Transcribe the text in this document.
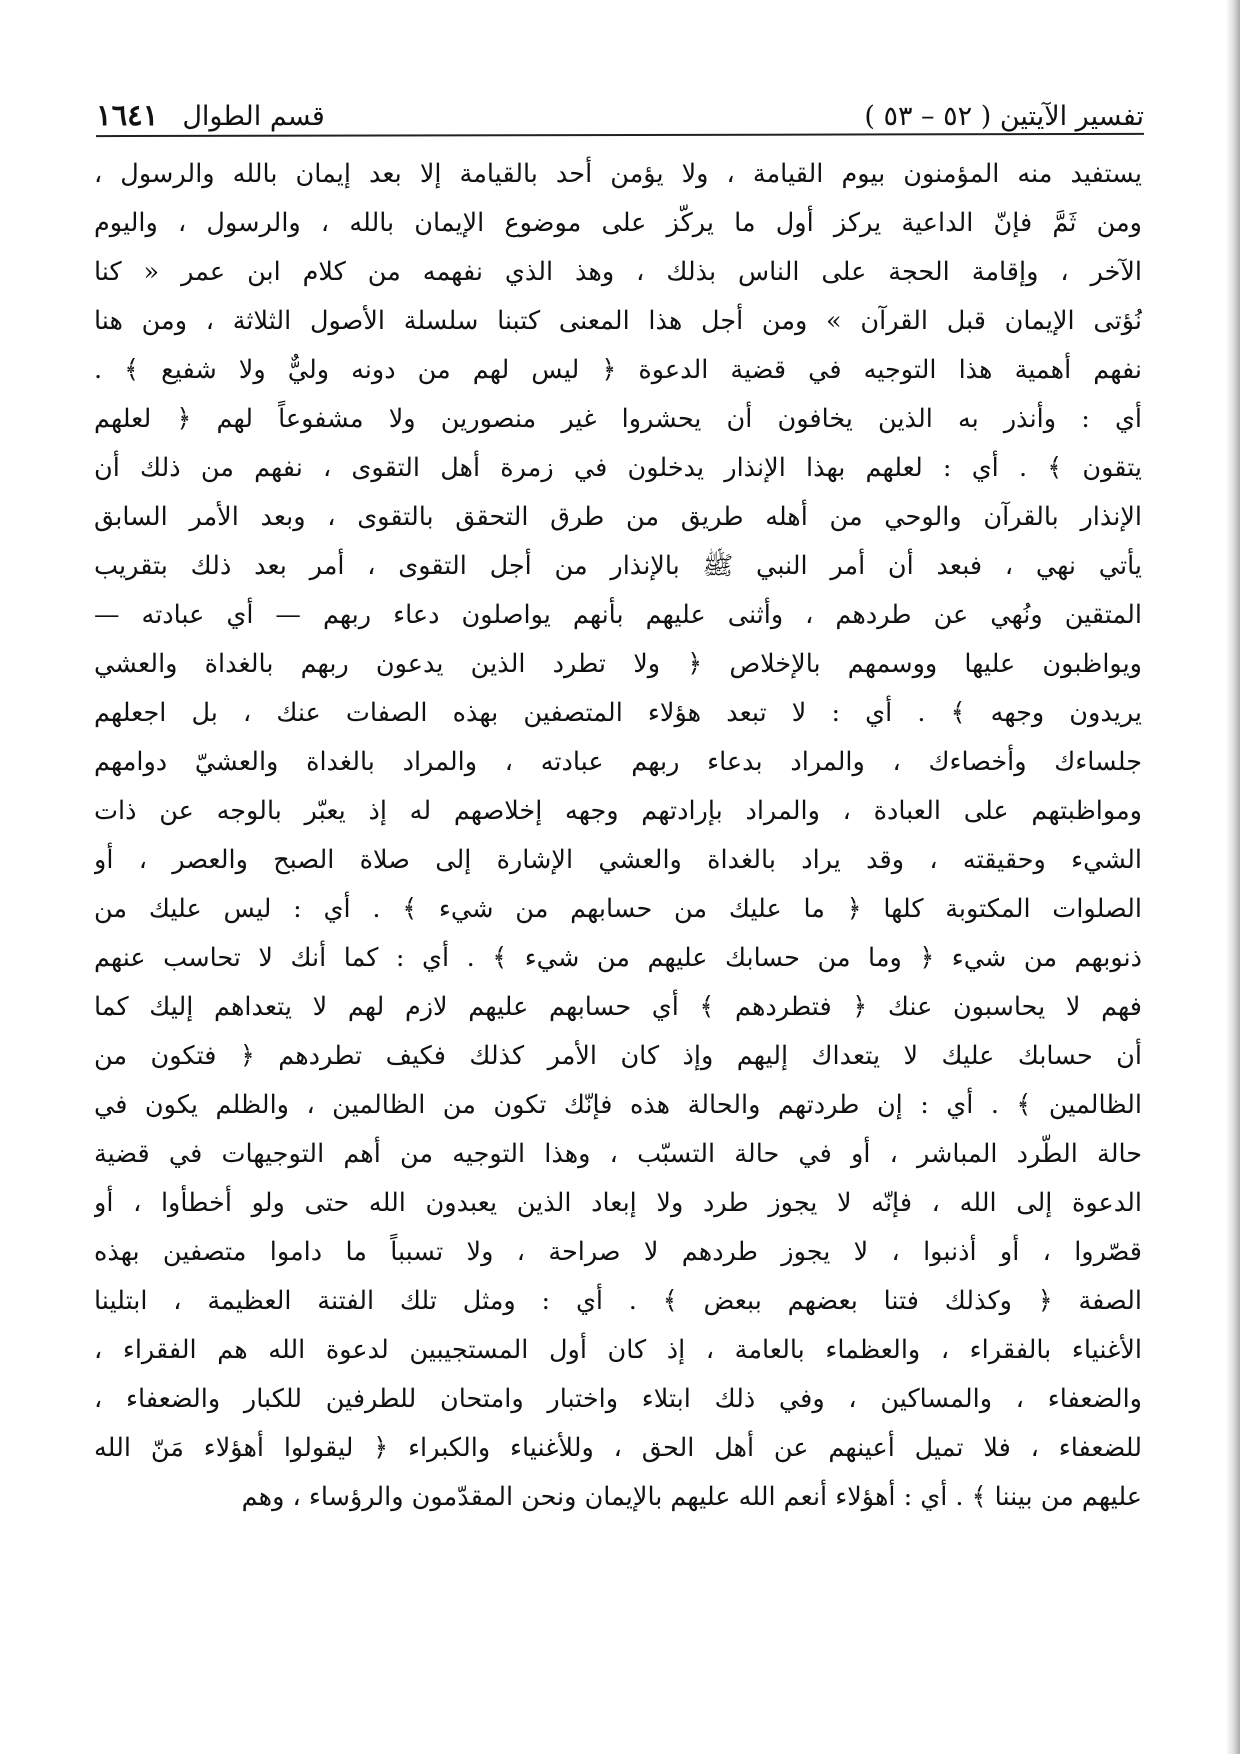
تفسير الآيتين ( ٥٢ – ٥٣ )
قسم الطوال
١٦٤١
يستفيد منه المؤمنون بيوم القيامة ، ولا يؤمن أحد بالقيامة إلا بعد إيمان بالله والرسول ،
ومن ثَمَّ فإنّ الداعية يركز أول ما يركّز على موضوع الإيمان بالله ، والرسول ، واليوم
الآخر ، وإقامة الحجة على الناس بذلك ، وهذ الذي نفهمه من كلام ابن عمر « كنا
نُؤتى الإيمان قبل القرآن » ومن أجل هذا المعنى كتبنا سلسلة الأصول الثلاثة ، ومن هنا
نفهم أهمية هذا التوجيه في قضية الدعوة ﴿ ليس لهم من دونه وليٌّ ولا شفيع ﴾ .
أي : وأنذر به الذين يخافون أن يحشروا غير منصورين ولا مشفوعاً لهم ﴿ لعلهم
يتقون ﴾ . أي : لعلهم بهذا الإنذار يدخلون في زمرة أهل التقوى ، نفهم من ذلك أن
الإنذار بالقرآن والوحي من أهله طريق من طرق التحقق بالتقوى ، وبعد الأمر السابق
يأتي نهي ، فبعد أن أمر النبي ﷺ بالإنذار من أجل التقوى ، أمر بعد ذلك بتقريب
المتقين ونُهي عن طردهم ، وأثنى عليهم بأنهم يواصلون دعاء ربهم — أي عبادته —
ويواظبون عليها ووسمهم بالإخلاص ﴿ ولا تطرد الذين يدعون ربهم بالغداة والعشي
يريدون وجهه ﴾ . أي : لا تبعد هؤلاء المتصفين بهذه الصفات عنك ، بل اجعلهم
جلساءك وأخصاءك ، والمراد بدعاء ربهم عبادته ، والمراد بالغداة والعشيّ دوامهم
ومواظبتهم على العبادة ، والمراد بإرادتهم وجهه إخلاصهم له إذ يعبّر بالوجه عن ذات
الشيء وحقيقته ، وقد يراد بالغداة والعشي الإشارة إلى صلاة الصبح والعصر ، أو
الصلوات المكتوبة كلها ﴿ ما عليك من حسابهم من شيء ﴾ . أي : ليس عليك من
ذنوبهم من شيء ﴿ وما من حسابك عليهم من شيء ﴾ . أي : كما أنك لا تحاسب عنهم
فهم لا يحاسبون عنك ﴿ فتطردهم ﴾ أي حسابهم عليهم لازم لهم لا يتعداهم إليك كما
أن حسابك عليك لا يتعداك إليهم وإذ كان الأمر كذلك فكيف تطردهم ﴿ فتكون من
الظالمين ﴾ . أي : إن طردتهم والحالة هذه فإنّك تكون من الظالمين ، والظلم يكون في
حالة الطّرد المباشر ، أو في حالة التسبّب ، وهذا التوجيه من أهم التوجيهات في قضية
الدعوة إلى الله ، فإنّه لا يجوز طرد ولا إبعاد الذين يعبدون الله حتى ولو أخطأوا ، أو
قصّروا ، أو أذنبوا ، لا يجوز طردهم لا صراحة ، ولا تسبباً ما داموا متصفين بهذه
الصفة ﴿ وكذلك فتنا بعضهم ببعض ﴾ . أي : ومثل تلك الفتنة العظيمة ، ابتلينا
الأغنياء بالفقراء ، والعظماء بالعامة ، إذ كان أول المستجيبين لدعوة الله هم الفقراء ،
والضعفاء ، والمساكين ، وفي ذلك ابتلاء واختبار وامتحان للطرفين للكبار والضعفاء ،
للضعفاء ، فلا تميل أعينهم عن أهل الحق ، وللأغنياء والكبراء ﴿ ليقولوا أهؤلاء مَنّ الله
عليهم من بيننا ﴾ . أي : أهؤلاء أنعم الله عليهم بالإيمان ونحن المقدّمون والرؤساء ، وهم
